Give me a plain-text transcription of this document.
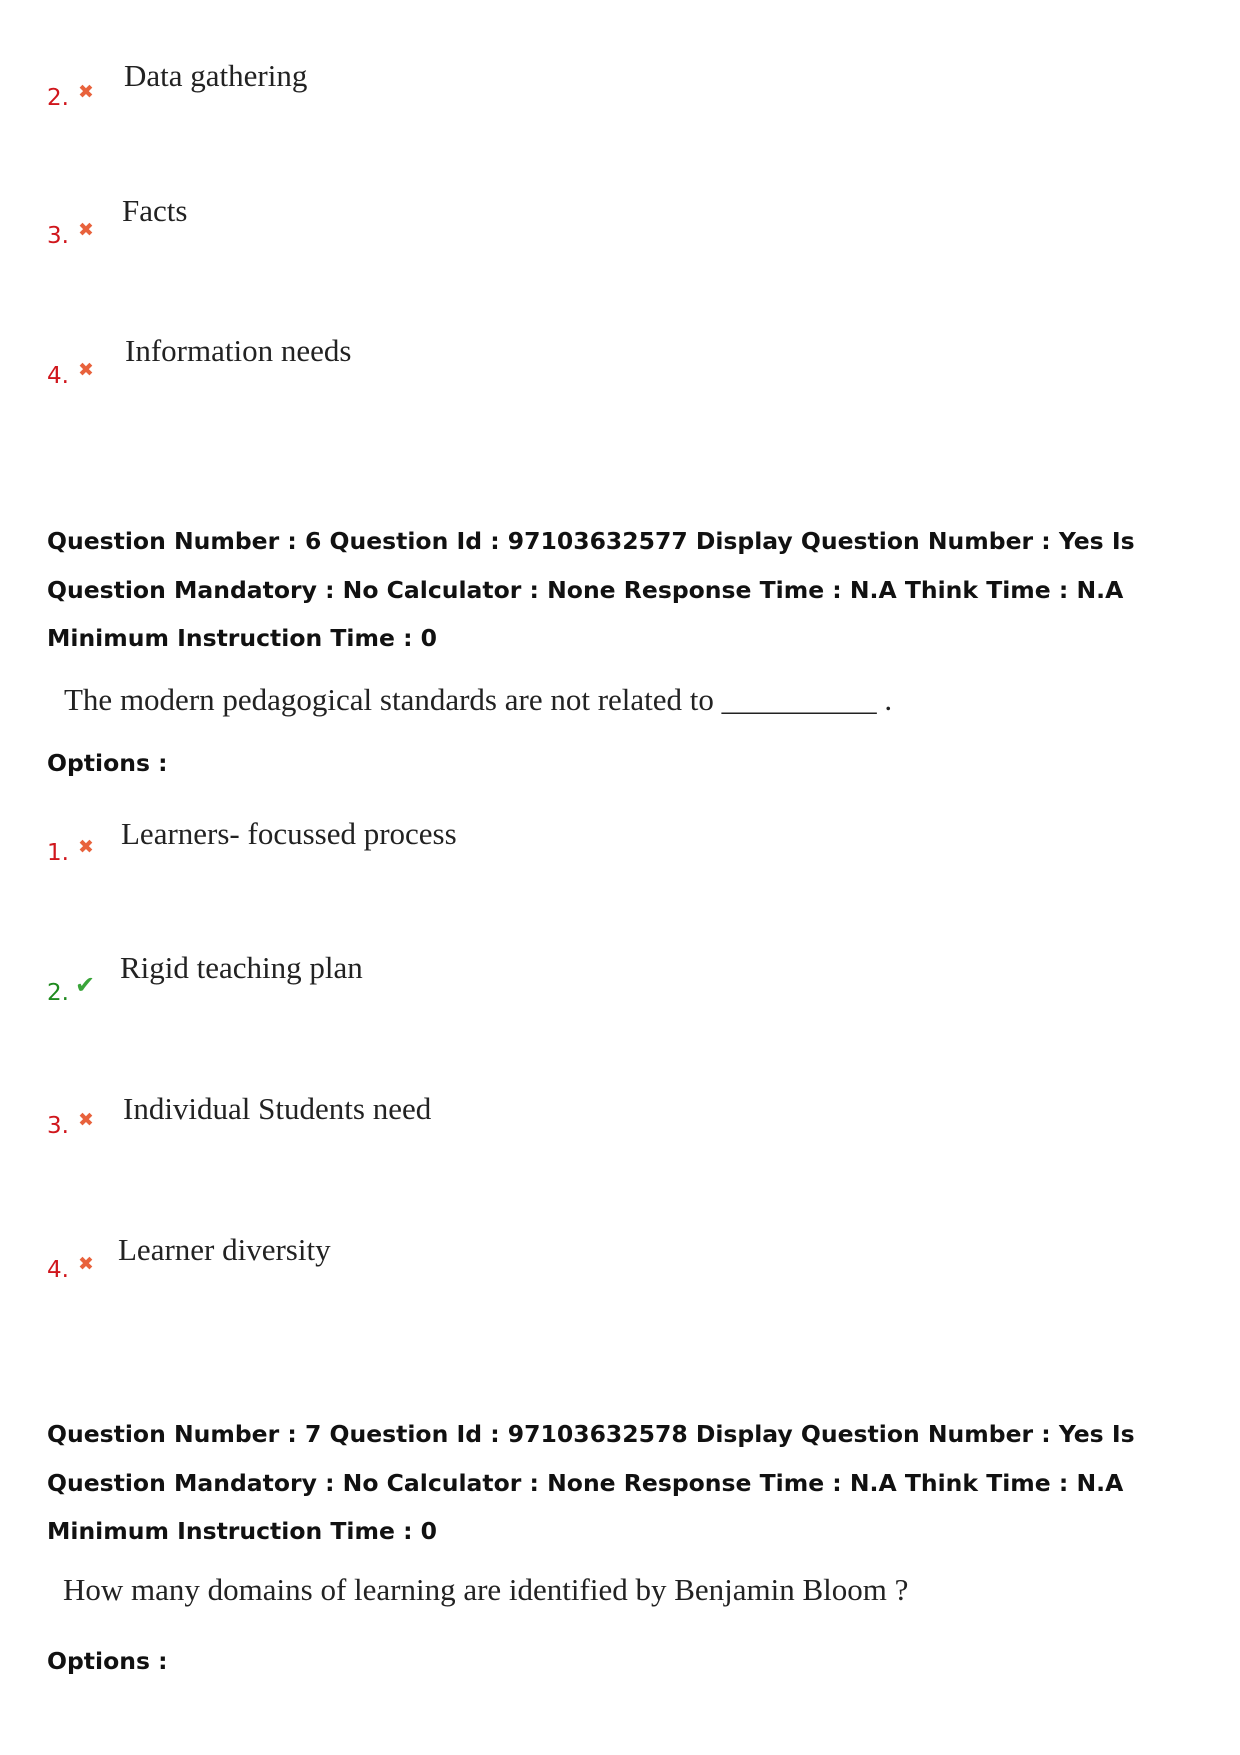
2. ✖ Data gathering
3. ✖
Facts
4. ✖
Information needs
Question Number : 6 Question Id : 97103632577 Display Question Number : Yes Is Question Mandatory : No Calculator : None Response Time : N.A Think Time : N.A Minimum Instruction Time : 0
The modern pedagogical standards are not related to __________ .
Options :
1. ✖ Learners- focussed process
2. ✔ Rigid teaching plan
3. ✖ Individual Students need
4. ✖ Learner diversity
Question Number : 7 Question Id : 97103632578 Display Question Number : Yes Is Question Mandatory : No Calculator : None Response Time : N.A Think Time : N.A Minimum Instruction Time : 0
How many domains of learning are identified by Benjamin Bloom ?
Options :
